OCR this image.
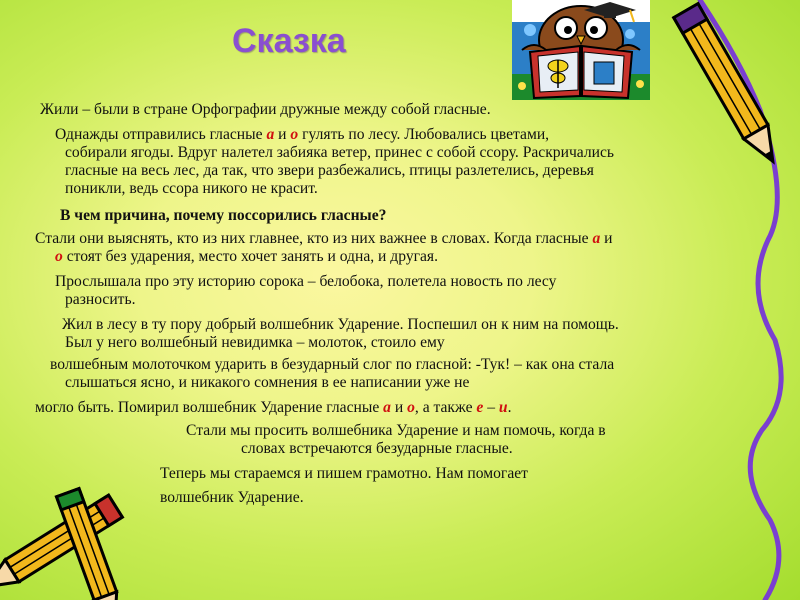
Сказка
Жили – были в стране Орфографии дружные между собой гласные.
Однажды отправились гласные а и о гулять по лесу. Любовались цветами,
собирали ягоды. Вдруг налетел забияка ветер, принес с собой ссору. Раскричались
гласные на весь лес, да так, что звери разбежались, птицы разлетелись, деревья
поникли, ведь ссора никого не красит.
В чем причина, почему поссорились гласные?
Стали они выяснять, кто из них главнее, кто из них важнее в словах. Когда гласные а и
о стоят без ударения, место хочет занять и одна, и другая.
Прослышала про эту историю сорока – белобока, полетела новость по лесу
разносить.
Жил в лесу в ту пору добрый волшебник Ударение. Поспешил он к ним на помощь.
Был у него волшебный невидимка – молоток, стоило ему
волшебным молоточком ударить в безударный слог по гласной: -Тук! – как она стала
слышаться ясно, и никакого сомнения в ее написании уже не
могло быть. Помирил волшебник Ударение гласные а и о, а также е – и.
Стали мы просить волшебника Ударение и нам помочь, когда в
словах встречаются безударные гласные.
Теперь мы стараемся и пишем грамотно. Нам помогает
волшебник Ударение.
